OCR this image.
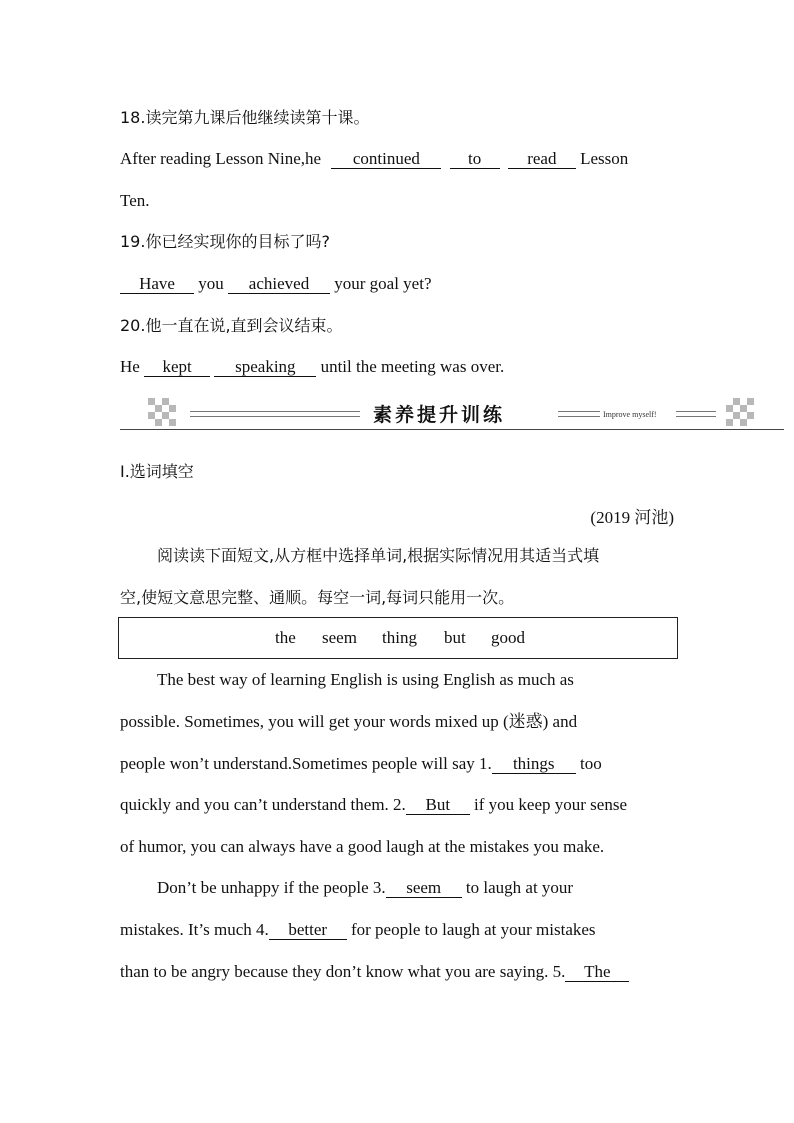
18.读完第九课后他继续读第十课。
After reading Lesson Nine,he continued	to	read Lesson
Ten.
19.你已经实现你的目标了吗?
Have you achieved your goal yet?
20.他一直在说,直到会议结束。
He kept	speaking until the meeting was over.
素养提升训练	Improve myself!
Ⅰ.选词填空
(2019 河池)
阅读读下面短文,从方框中选择单词,根据实际情况用其适当式填
空,使短文意思完整、通顺。每空一词,每词只能用一次。
the seem thing but good
The best way of learning English is using English as much as
possible. Sometimes, you will get your words mixed up (迷惑) and
people won’t understand.Sometimes people will say 1. things too
quickly and you can’t understand them. 2. But if you keep your sense
of humor, you can always have a good laugh at the mistakes you make.
Don’t be unhappy if the people 3. seem to laugh at your
mistakes. It’s much 4. better for people to laugh at your mistakes
than to be angry because they don’t know what you are saying. 5. The
